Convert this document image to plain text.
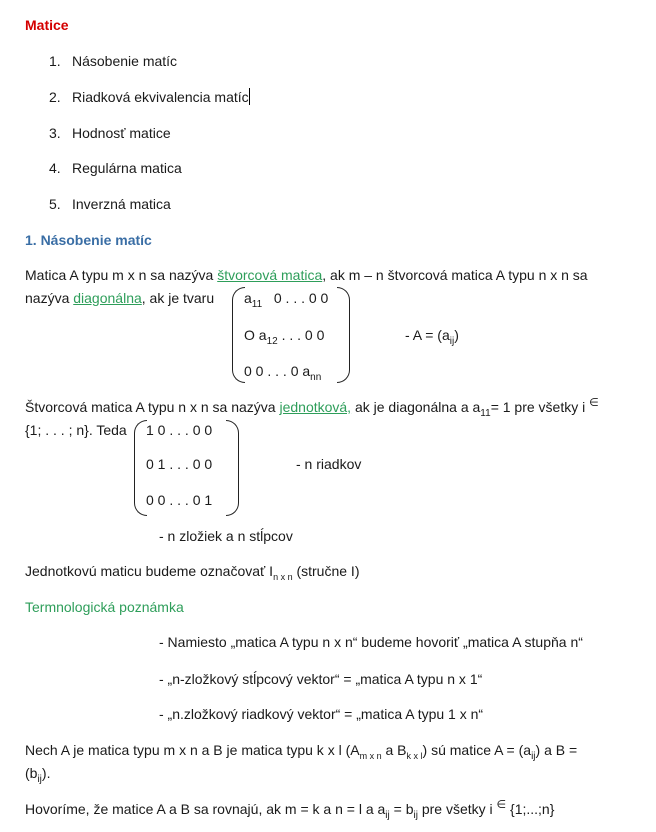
Matice
1. Násobenie matíc
2. Riadková ekvivalencia matíc
3. Hodnosť matice
4. Regulárna matica
5. Inverzná matica
1. Násobenie matíc
Matica A typu m x n sa nazýva štvorcová matica, ak m – n štvorcová matica A typu n x n sa
nazýva diagonálna, ak je tvaru $a_{11}$ 0 . . . 0 0
O $a_{12}$ . . . 0 0
0 0 . . . 0 $a_{nn}$
- $A = (a_{ij})$
Štvorcová matica A typu n x n sa nazýva jednotková, ak je diagonálna a $a_{11}= 1$ pre všetky i ∈
{1; . . . ; n}. Teda 1 0 . . . 0 0
0 1 . . . 0 0
0 0 . . . 0 1
- n riadkov
- n zložiek a n stĺpcov
Jednotkovú maticu budeme označovať $I_{n x n}$ (stručne I)
Termnologická poznámka
- Namiesto „matica A typu n x n“ budeme hovoriť „matica A stupňa n“
- „n-zložkový stĺpcový vektor“ = „matica A typu n x 1“
- „n.zložkový riadkový vektor“ = „matica A typu 1 x n“
Nech A je matica typu m x n a B je matica typu k x l ($A_{m x n}$ a $B_{k x l}$) sú matice $A = (a_{ij})$ a B =
$(b_{ij})$.
Hovoríme, že matice A a B sa rovnajú, ak m = k a n = l a $a_{ij} = b_{ij}$ pre všetky i ∈ {1;...;n}
